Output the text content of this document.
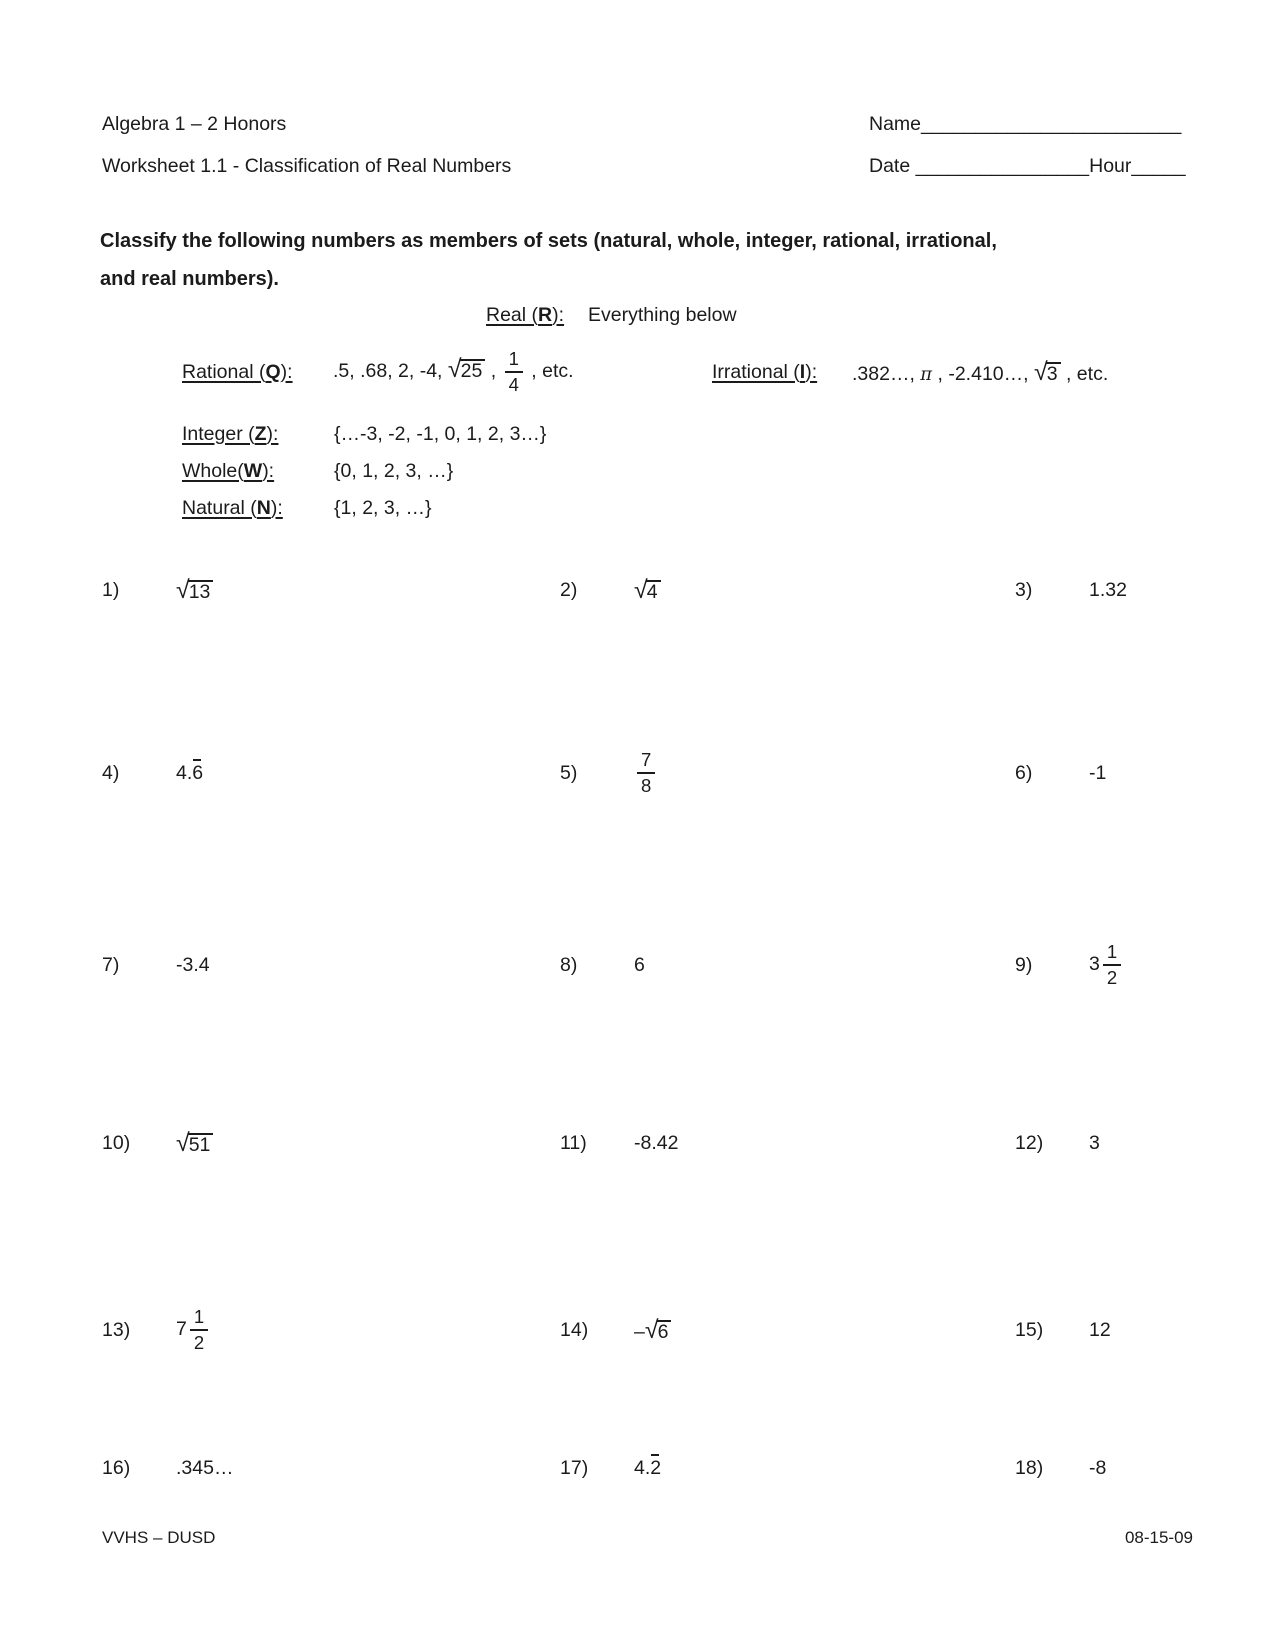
Algebra 1 – 2 Honors
Worksheet 1.1 - Classification of Real Numbers
Name________________________
Date ________________Hour_____
Classify the following numbers as members of sets (natural, whole, integer, rational, irrational,
and real numbers).
Real (R): Everything below
Rational (Q):	.5, .68, 2, -4, √25 , $\frac{1}{4}$ , etc.	Irrational (I):	.382…, π , -2.410…, √3 , etc.
Integer (Z):	{…-3, -2, -1, 0, 1, 2, 3…}
Whole(W):	{0, 1, 2, 3, …}
Natural (N):	{1, 2, 3, …}
1)	√13	2)	√4	3)	1.32
4)	4.6	5)	$\frac{7}{8}$	6)	-1
7)	-3.4	8)	6	9)	$3 \frac{1}{2}$
10)	√51	11)	-8.42	12)	3
13)	$7 \frac{1}{2}$	14)	–√6	15)	12
16)	.345…	17)	4.2	18)	-8
VVHS – DUSD	08-15-09
